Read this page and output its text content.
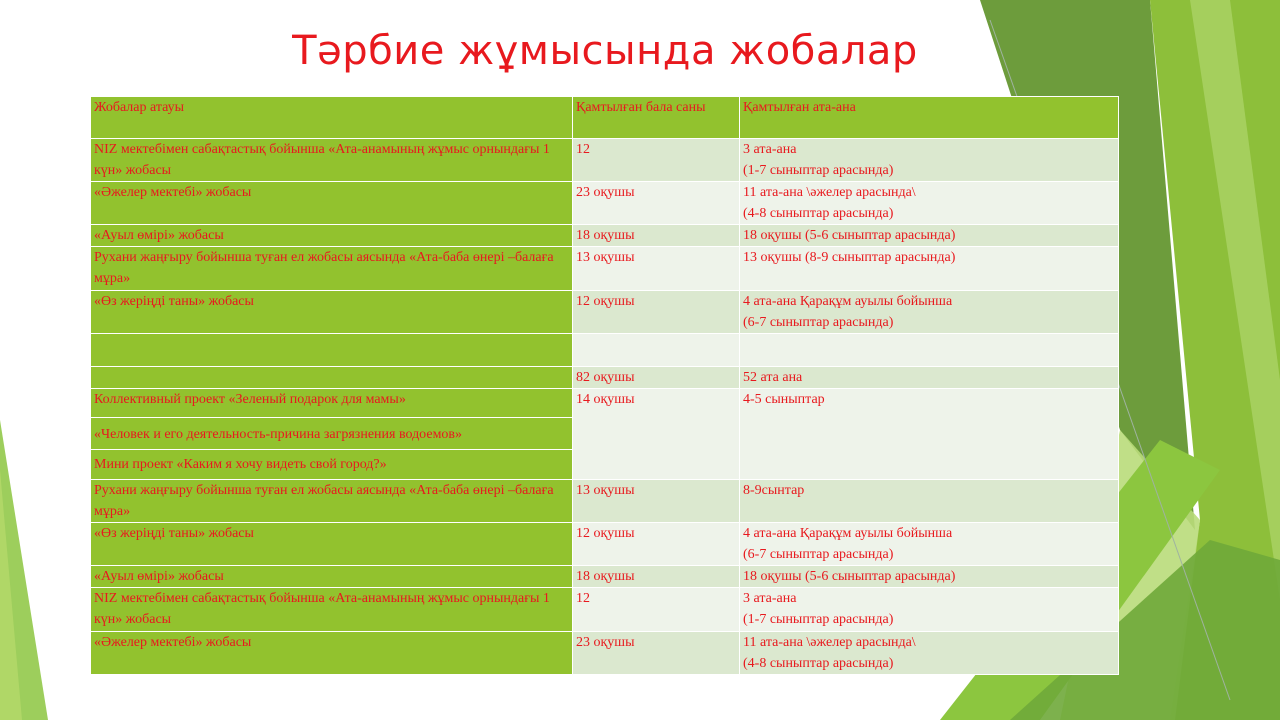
Тәрбие жұмысында жобалар
Жобалар атауы	Қамтылған бала саны	Қамтылған ата-ана
NIZ мектебімен сабақтастық бойынша «Ата-анамының жұмыс орнындағы 1 күн» жобасы	12	3 ата-ана
(1-7 сыныптар арасында)

«Әжелер мектебі» жобасы	23 оқушы	11 ата-ана \әжелер арасында\
(4-8 сыныптар арасында)

«Ауыл өмірі» жобасы	18 оқушы	18 оқушы (5-6 сыныптар арасында)
Рухани жаңғыру бойынша туған ел жобасы аясында «Ата-баба өнері –балаға мұра»	13 оқушы	13 оқушы (8-9 сыныптар арасында)
«Өз жеріңді таны» жобасы	12 оқушы	4 ата-ана Қарақұм ауылы бойынша
(6-7 сыныптар арасында)

	82 оқушы	52 ата ана
Коллективный проект «Зеленый подарок для мамы»	14 оқушы	4-5 сыныптар
«Человек и его деятельность-причина загрязнения водоемов»		
Мини проект «Каким я хочу видеть свой город?»		
Рухани жаңғыру бойынша туған ел жобасы аясында «Ата-баба өнері –балаға мұра»	13 оқушы	8-9сынтар
«Өз жеріңді таны» жобасы	12 оқушы	4 ата-ана Қарақұм ауылы бойынша
(6-7 сыныптар арасында)

«Ауыл өмірі» жобасы	18 оқушы	18 оқушы (5-6 сыныптар арасында)
NIZ мектебімен сабақтастық бойынша «Ата-анамының жұмыс орнындағы 1 күн» жобасы	12	3 ата-ана
(1-7 сыныптар арасында)

«Әжелер мектебі» жобасы	23 оқушы	11 ата-ана \әжелер арасында\
(4-8 сыныптар арасында)
